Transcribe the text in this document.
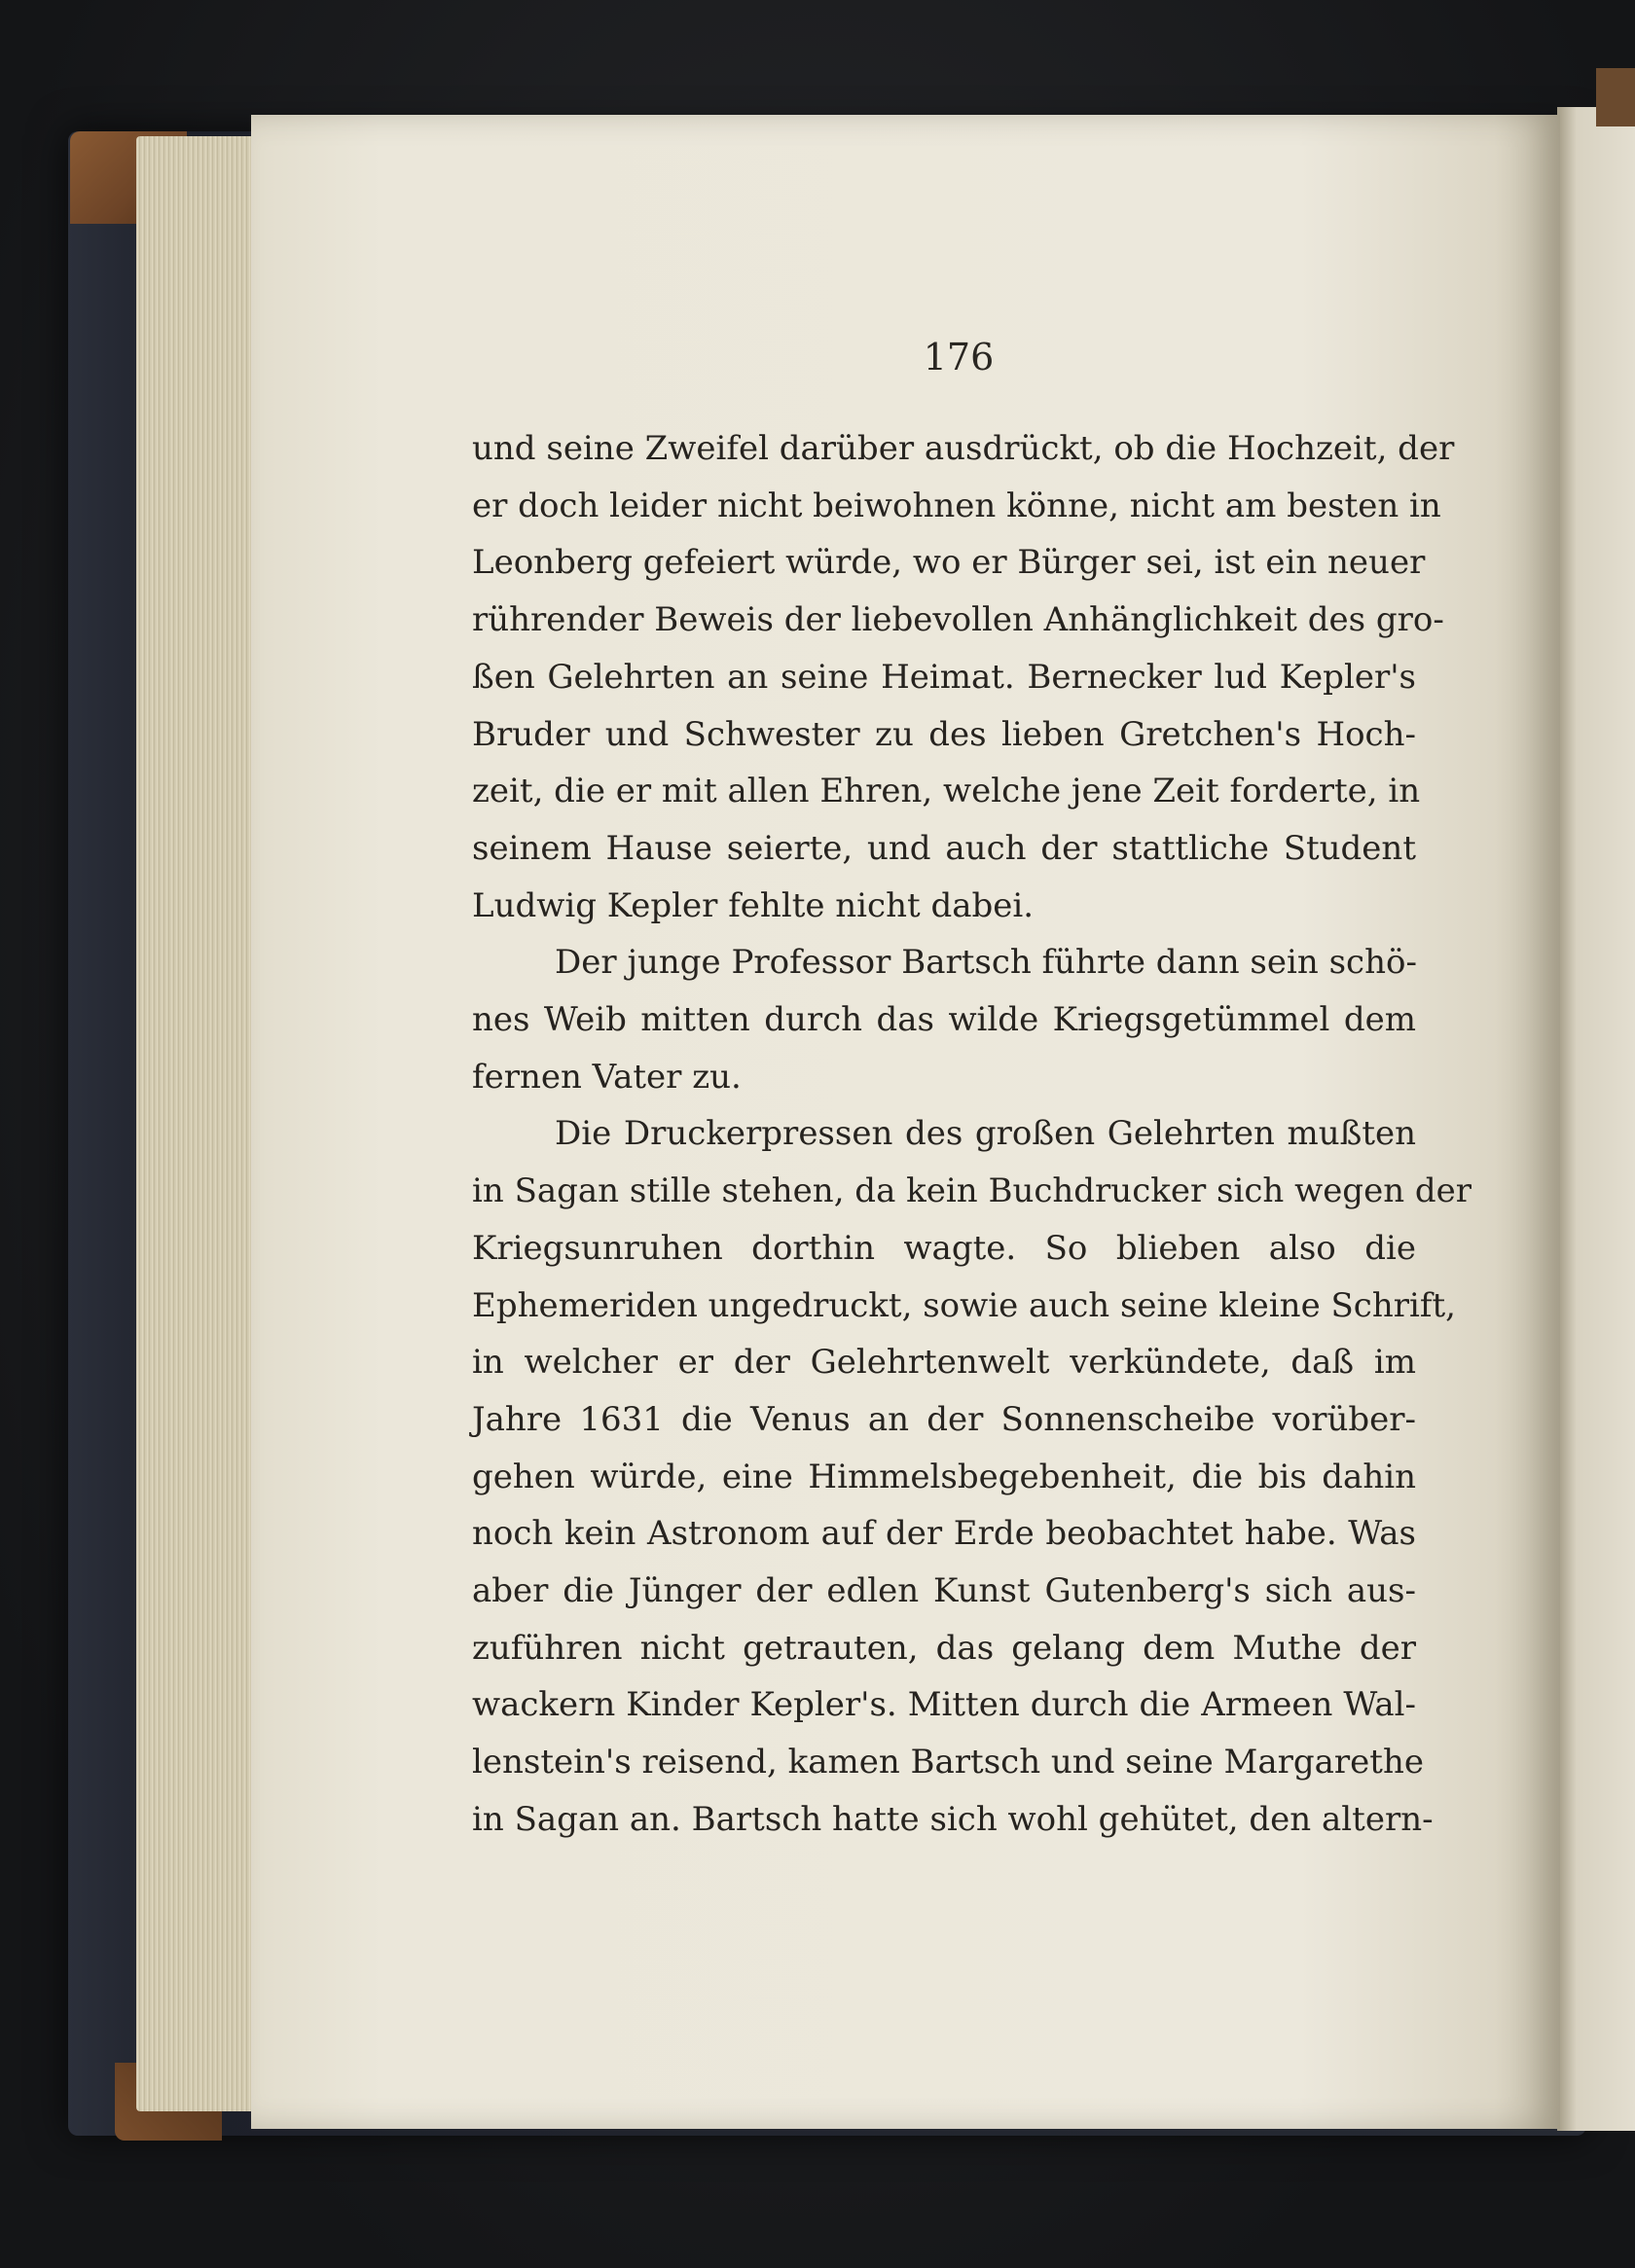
176
und seine Zweifel darüber ausdrückt, ob die Hochzeit, der
er doch leider nicht beiwohnen könne, nicht am besten in
Leonberg gefeiert würde, wo er Bürger sei, ist ein neuer
rührender Beweis der liebevollen Anhänglichkeit des gro-
ßen Gelehrten an seine Heimat. Bernecker lud Kepler's
Bruder und Schwester zu des lieben Gretchen's Hoch-
zeit, die er mit allen Ehren, welche jene Zeit forderte, in
seinem Hause seierte, und auch der stattliche Student
Ludwig Kepler fehlte nicht dabei.
Der junge Professor Bartsch führte dann sein schö-
nes Weib mitten durch das wilde Kriegsgetümmel dem
fernen Vater zu.
Die Druckerpressen des großen Gelehrten mußten
in Sagan stille stehen, da kein Buchdrucker sich wegen der
Kriegsunruhen dorthin wagte. So blieben also die
Ephemeriden ungedruckt, sowie auch seine kleine Schrift,
in welcher er der Gelehrtenwelt verkündete, daß im
Jahre 1631 die Venus an der Sonnenscheibe vorüber-
gehen würde, eine Himmelsbegebenheit, die bis dahin
noch kein Astronom auf der Erde beobachtet habe. Was
aber die Jünger der edlen Kunst Gutenberg's sich aus-
zuführen nicht getrauten, das gelang dem Muthe der
wackern Kinder Kepler's. Mitten durch die Armeen Wal-
lenstein's reisend, kamen Bartsch und seine Margarethe
in Sagan an. Bartsch hatte sich wohl gehütet, den altern-
